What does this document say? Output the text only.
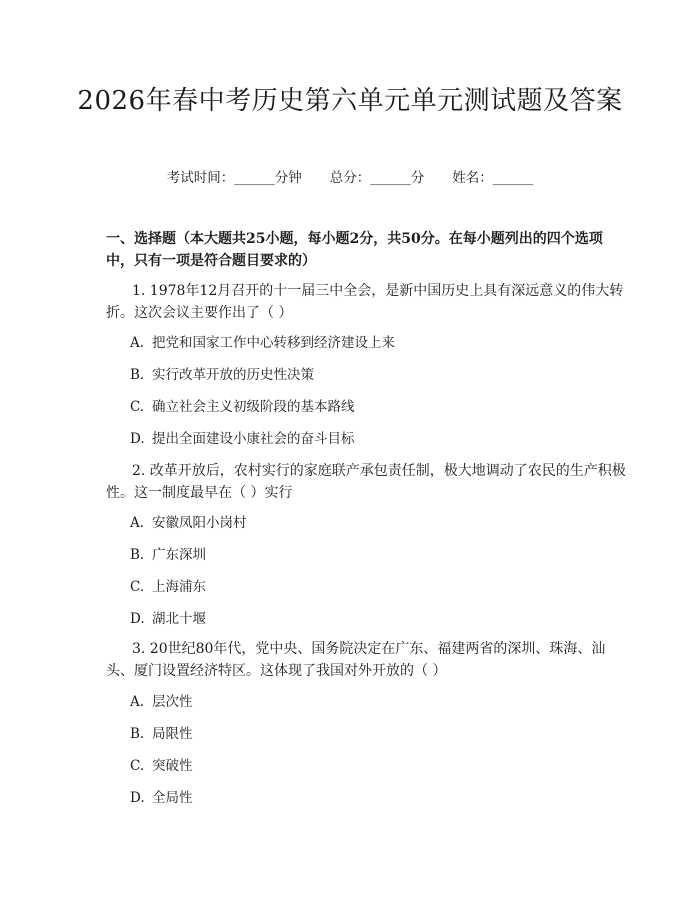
2026年春中考历史第六单元单元测试题及答案
考试时间：______分钟 总分：______分 姓名：______
一、选择题（本大题共25小题，每小题2分，共50分。在每小题列出的四个选项中，只有一项是符合题目要求的）
1. 1978年12月召开的十一届三中全会，是新中国历史上具有深远意义的伟大转折。这次会议主要作出了（ ）
A. 把党和国家工作中心转移到经济建设上来
B. 实行改革开放的历史性决策
C. 确立社会主义初级阶段的基本路线
D. 提出全面建设小康社会的奋斗目标
2. 改革开放后，农村实行的家庭联产承包责任制，极大地调动了农民的生产积极性。这一制度最早在（ ）实行
A. 安徽凤阳小岗村
B. 广东深圳
C. 上海浦东
D. 湖北十堰
3. 20世纪80年代，党中央、国务院决定在广东、福建两省的深圳、珠海、汕头、厦门设置经济特区。这体现了我国对外开放的（ ）
A. 层次性
B. 局限性
C. 突破性
D. 全局性
